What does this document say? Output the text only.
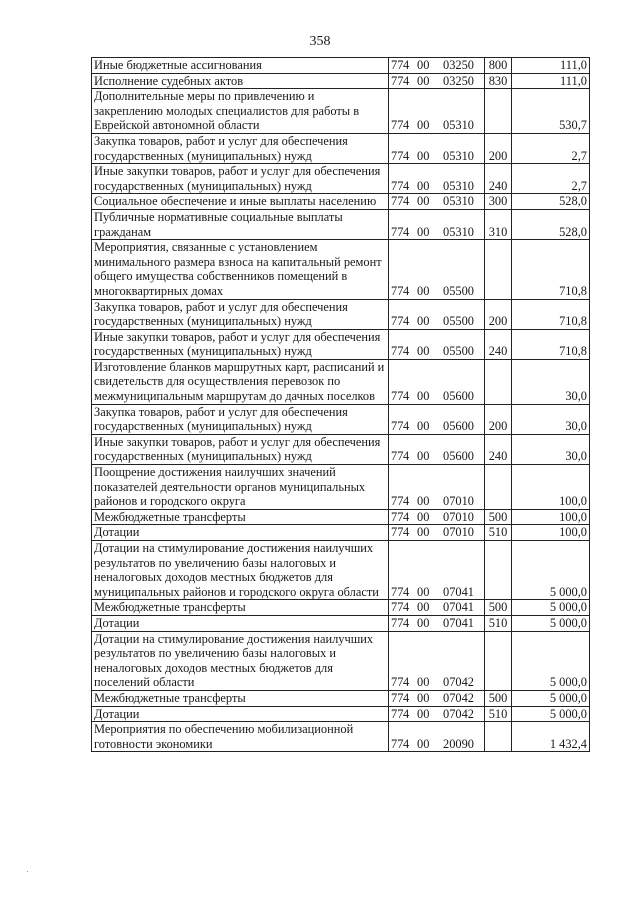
358
Иные бюджетные ассигнования	774 00 03250	800	111,0
Исполнение судебных актов	774 00 03250	830	111,0
Дополнительные меры по привлечению и закреплению молодых специалистов для работы в Еврейской автономной области	774 00 05310		530,7
Закупка товаров, работ и услуг для обеспечения государственных (муниципальных) нужд	774 00 05310	200	2,7
Иные закупки товаров, работ и услуг для обеспечения государственных (муниципальных) нужд	774 00 05310	240	2,7
Социальное обеспечение и иные выплаты населению	774 00 05310	300	528,0
Публичные нормативные социальные выплаты гражданам	774 00 05310	310	528,0
Мероприятия, связанные с установлением минимального размера взноса на капитальный ремонт общего имущества собственников помещений в многоквартирных домах	774 00 05500		710,8
Закупка товаров, работ и услуг для обеспечения государственных (муниципальных) нужд	774 00 05500	200	710,8
Иные закупки товаров, работ и услуг для обеспечения государственных (муниципальных) нужд	774 00 05500	240	710,8
Изготовление бланков маршрутных карт, расписаний и свидетельств для осуществления перевозок по межмуниципальным маршрутам до дачных поселков	774 00 05600		30,0
Закупка товаров, работ и услуг для обеспечения государственных (муниципальных) нужд	774 00 05600	200	30,0
Иные закупки товаров, работ и услуг для обеспечения государственных (муниципальных) нужд	774 00 05600	240	30,0
Поощрение достижения наилучших значений показателей деятельности органов муниципальных районов и городского округа	774 00 07010		100,0
Межбюджетные трансферты	774 00 07010	500	100,0
Дотации	774 00 07010	510	100,0
Дотации на стимулирование достижения наилучших результатов по увеличению базы налоговых и неналоговых доходов местных бюджетов для муниципальных районов и городского округа области	774 00 07041		5 000,0
Межбюджетные трансферты	774 00 07041	500	5 000,0
Дотации	774 00 07041	510	5 000,0
Дотации на стимулирование достижения наилучших результатов по увеличению базы налоговых и неналоговых доходов местных бюджетов для поселений области	774 00 07042		5 000,0
Межбюджетные трансферты	774 00 07042	500	5 000,0
Дотации	774 00 07042	510	5 000,0
Мероприятия по обеспечению мобилизационной готовности экономики	774 00 20090		1 432,4
